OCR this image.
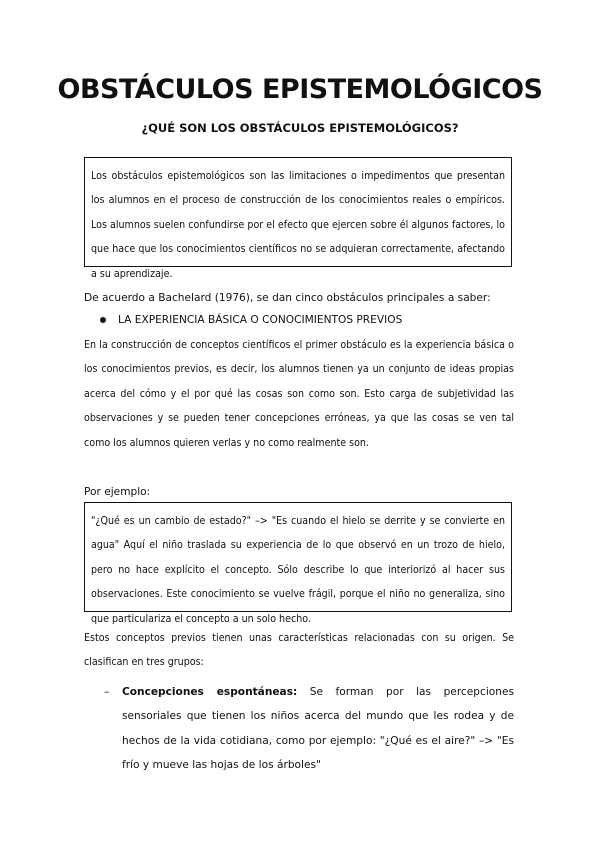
OBSTÁCULOS EPISTEMOLÓGICOS
¿QUÉ SON LOS OBSTÁCULOS EPISTEMOLÓGICOS?

Los obstáculos epistemológicos son las limitaciones o impedimentos que presentan los alumnos en el proceso de construcción de los conocimientos reales o empíricos. Los alumnos suelen confundirse por el efecto que ejercen sobre él algunos factores, lo que hace que los conocimientos científicos no se adquieran correctamente, afectando a su aprendizaje.

De acuerdo a Bachelard (1976), se dan cinco obstáculos principales a saber:
LA EXPERIENCIA BÁSICA O CONOCIMIENTOS PREVIOS
En la construcción de conceptos científicos el primer obstáculo es la experiencia básica o los conocimientos previos, es decir, los alumnos tienen ya un conjunto de ideas propias acerca del cómo y el por qué las cosas son como son. Esto carga de subjetividad las observaciones y se pueden tener concepciones erróneas, ya que las cosas se ven tal como los alumnos quieren verlas y no como realmente son.
Por ejemplo:

"¿Qué es un cambio de estado?" –> "Es cuando el hielo se derrite y se convierte en agua" Aquí el niño traslada su experiencia de lo que observó en un trozo de hielo, pero no hace explícito el concepto. Sólo describe lo que interiorizó al hacer sus observaciones. Este conocimiento se vuelve frágil, porque el niño no generaliza, sino que particulariza el concepto a un solo hecho.

Estos conceptos previos tienen unas características relacionadas con su origen. Se clasifican en tres grupos:
– Concepciones espontáneas: Se forman por las percepciones sensoriales que tienen los niños acerca del mundo que les rodea y de hechos de la vida cotidiana, como por ejemplo: "¿Qué es el aire?" –> "Es frío y mueve las hojas de los árboles"
